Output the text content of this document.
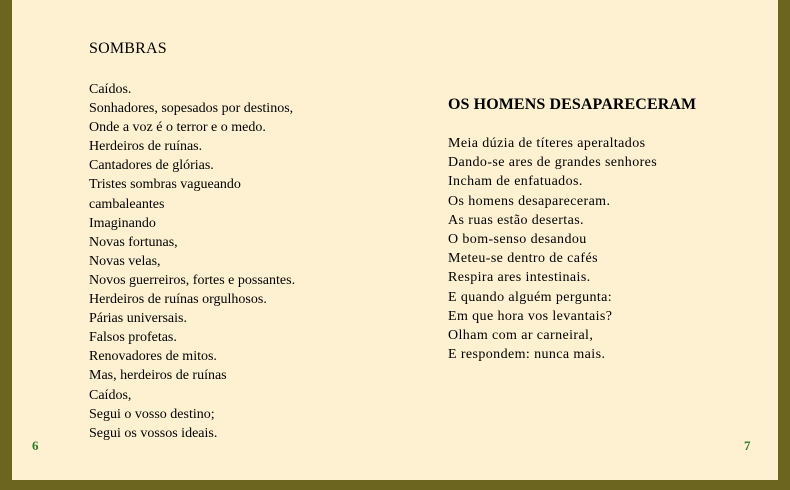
SOMBRAS
Caídos.
Sonhadores, sopesados por destinos,
Onde a voz é o terror e o medo.
Herdeiros de ruínas.
Cantadores de glórias.
Tristes sombras vagueando
cambaleantes
Imaginando
Novas fortunas,
Novas velas,
Novos guerreiros, fortes e possantes.
Herdeiros de ruínas orgulhosos.
Párias universais.
Falsos profetas.
Renovadores de mitos.
Mas, herdeiros de ruínas
Caídos,
Segui o vosso destino;
Segui os vossos ideais.
OS HOMENS DESAPARECERAM
Meia dúzia de títeres aperaltados
Dando-se ares de grandes senhores
Incham de enfatuados.
Os homens desapareceram.
As ruas estão desertas.
O bom-senso desandou
Meteu-se dentro de cafés
Respira ares intestinais.
E quando alguém pergunta:
Em que hora vos levantais?
Olham com ar carneiral,
E respondem: nunca mais.
6	7
